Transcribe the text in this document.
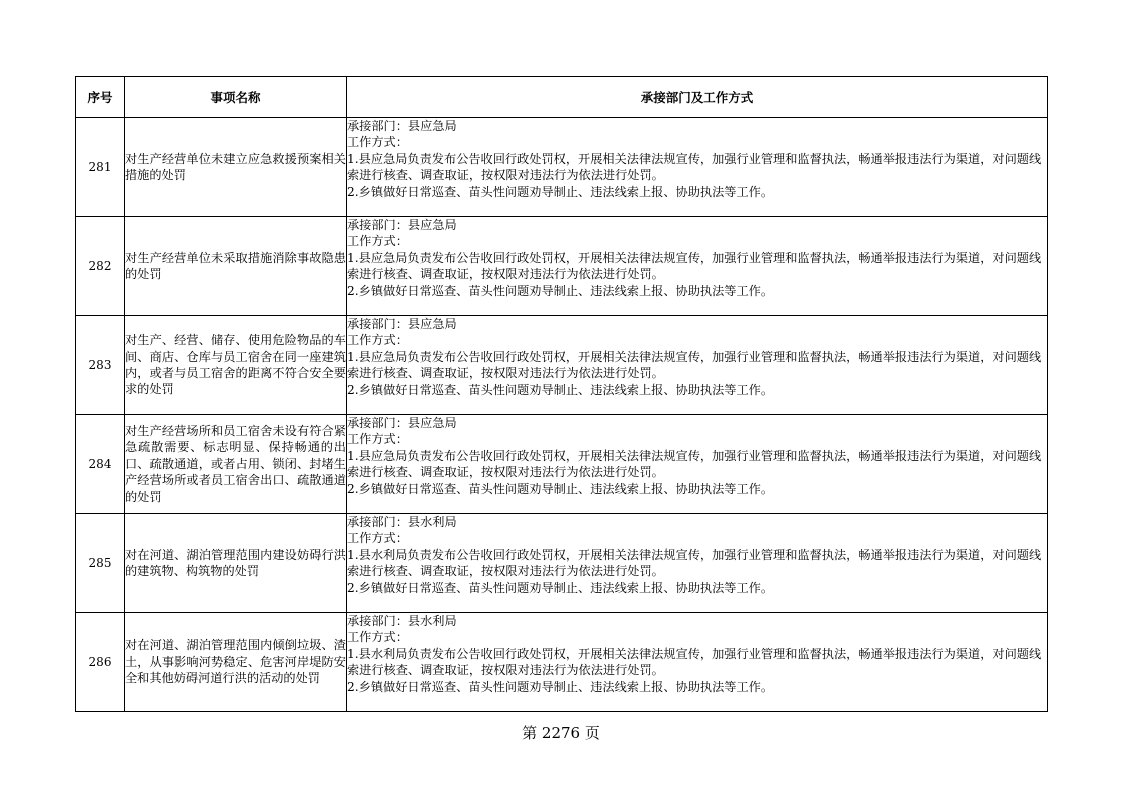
序号	事项名称	承接部门及工作方式
281	对生产经营单位未建立应急救援预案相关措施的处罚	承接部门：县应急局
工作方式：
1.县应急局负责发布公告收回行政处罚权，开展相关法律法规宣传，加强行业管理和监督执法，畅通举报违法行为渠道，对问题线索进行核查、调查取证，按权限对违法行为依法进行处罚。
2.乡镇做好日常巡查、苗头性问题劝导制止、违法线索上报、协助执法等工作。

282	对生产经营单位未采取措施消除事故隐患的处罚	承接部门：县应急局
工作方式：
1.县应急局负责发布公告收回行政处罚权，开展相关法律法规宣传，加强行业管理和监督执法，畅通举报违法行为渠道，对问题线索进行核查、调查取证，按权限对违法行为依法进行处罚。
2.乡镇做好日常巡查、苗头性问题劝导制止、违法线索上报、协助执法等工作。

283	对生产、经营、储存、使用危险物品的车间、商店、仓库与员工宿舍在同一座建筑内，或者与员工宿舍的距离不符合安全要求的处罚	承接部门：县应急局
工作方式：
1.县应急局负责发布公告收回行政处罚权，开展相关法律法规宣传，加强行业管理和监督执法，畅通举报违法行为渠道，对问题线索进行核查、调查取证，按权限对违法行为依法进行处罚。
2.乡镇做好日常巡查、苗头性问题劝导制止、违法线索上报、协助执法等工作。

284	对生产经营场所和员工宿舍未设有符合紧急疏散需要、标志明显、保持畅通的出口、疏散通道，或者占用、锁闭、封堵生产经营场所或者员工宿舍出口、疏散通道的处罚	承接部门：县应急局
工作方式：
1.县应急局负责发布公告收回行政处罚权，开展相关法律法规宣传，加强行业管理和监督执法，畅通举报违法行为渠道，对问题线索进行核查、调查取证，按权限对违法行为依法进行处罚。
2.乡镇做好日常巡查、苗头性问题劝导制止、违法线索上报、协助执法等工作。

285	对在河道、湖泊管理范围内建设妨碍行洪的建筑物、构筑物的处罚	承接部门：县水利局
工作方式：
1.县水利局负责发布公告收回行政处罚权，开展相关法律法规宣传，加强行业管理和监督执法，畅通举报违法行为渠道，对问题线索进行核查、调查取证，按权限对违法行为依法进行处罚。
2.乡镇做好日常巡查、苗头性问题劝导制止、违法线索上报、协助执法等工作。

286	对在河道、湖泊管理范围内倾倒垃圾、渣土，从事影响河势稳定、危害河岸堤防安全和其他妨碍河道行洪的活动的处罚	承接部门：县水利局
工作方式：
1.县水利局负责发布公告收回行政处罚权，开展相关法律法规宣传，加强行业管理和监督执法，畅通举报违法行为渠道，对问题线索进行核查、调查取证，按权限对违法行为依法进行处罚。
2.乡镇做好日常巡查、苗头性问题劝导制止、违法线索上报、协助执法等工作。
第 2276 页
